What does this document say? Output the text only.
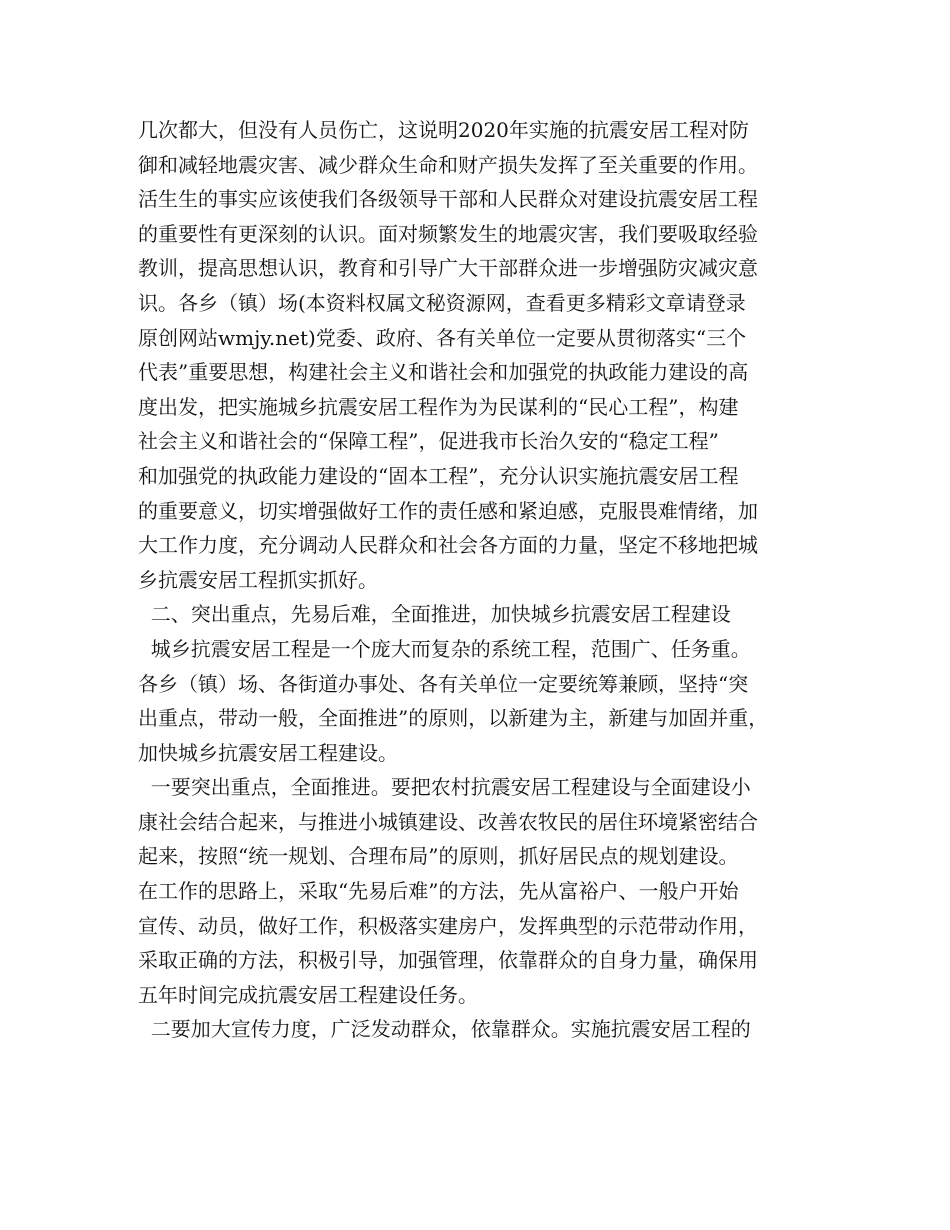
几次都大，但没有人员伤亡，这说明2020年实施的抗震安居工程对防
御和减轻地震灾害、减少群众生命和财产损失发挥了至关重要的作用。
活生生的事实应该使我们各级领导干部和人民群众对建设抗震安居工程
的重要性有更深刻的认识。面对频繁发生的地震灾害，我们要吸取经验
教训，提高思想认识，教育和引导广大干部群众进一步增强防灾减灾意
识。各乡（镇）场(本资料权属文秘资源网，查看更多精彩文章请登录
原创网站wmjy.net)党委、政府、各有关单位一定要从贯彻落实“三个
代表”重要思想，构建社会主义和谐社会和加强党的执政能力建设的高
度出发，把实施城乡抗震安居工程作为为民谋利的“民心工程”，构建
社会主义和谐社会的“保障工程”，促进我市长治久安的“稳定工程”
和加强党的执政能力建设的“固本工程”，充分认识实施抗震安居工程
的重要意义，切实增强做好工作的责任感和紧迫感，克服畏难情绪，加
大工作力度，充分调动人民群众和社会各方面的力量，坚定不移地把城
乡抗震安居工程抓实抓好。
二、突出重点，先易后难，全面推进，加快城乡抗震安居工程建设
城乡抗震安居工程是一个庞大而复杂的系统工程，范围广、任务重。
各乡（镇）场、各街道办事处、各有关单位一定要统筹兼顾，坚持“突
出重点，带动一般，全面推进”的原则，以新建为主，新建与加固并重，
加快城乡抗震安居工程建设。
一要突出重点，全面推进。要把农村抗震安居工程建设与全面建设小
康社会结合起来，与推进小城镇建设、改善农牧民的居住环境紧密结合
起来，按照“统一规划、合理布局”的原则，抓好居民点的规划建设。
在工作的思路上，采取“先易后难”的方法，先从富裕户、一般户开始
宣传、动员，做好工作，积极落实建房户，发挥典型的示范带动作用，
采取正确的方法，积极引导，加强管理，依靠群众的自身力量，确保用
五年时间完成抗震安居工程建设任务。
二要加大宣传力度，广泛发动群众，依靠群众。实施抗震安居工程的
